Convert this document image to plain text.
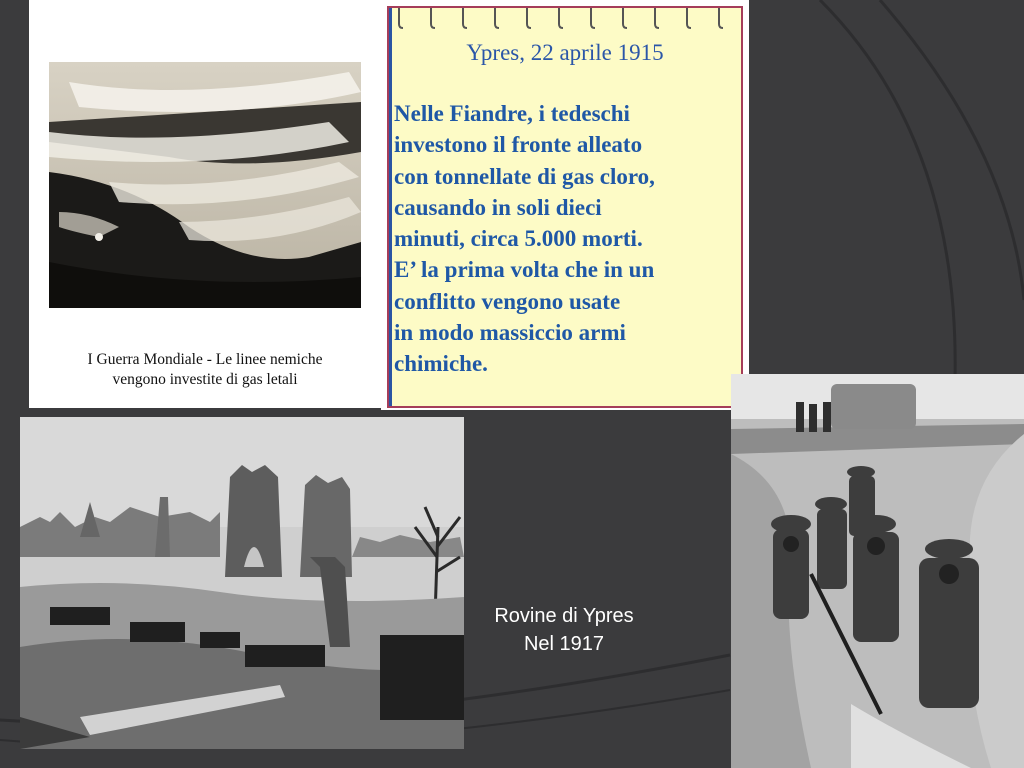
I Guerra Mondiale - Le linee nemiche
vengono investite di gas letali
Ypres, 22 aprile 1915
Nelle Fiandre, i tedeschi
investono il fronte alleato
con tonnellate di gas cloro,
causando in soli dieci
minuti, circa 5.000 morti.
E’ la prima volta che in un
conflitto vengono usate
in modo massiccio armi
chimiche.
Rovine di Ypres
Nel 1917
